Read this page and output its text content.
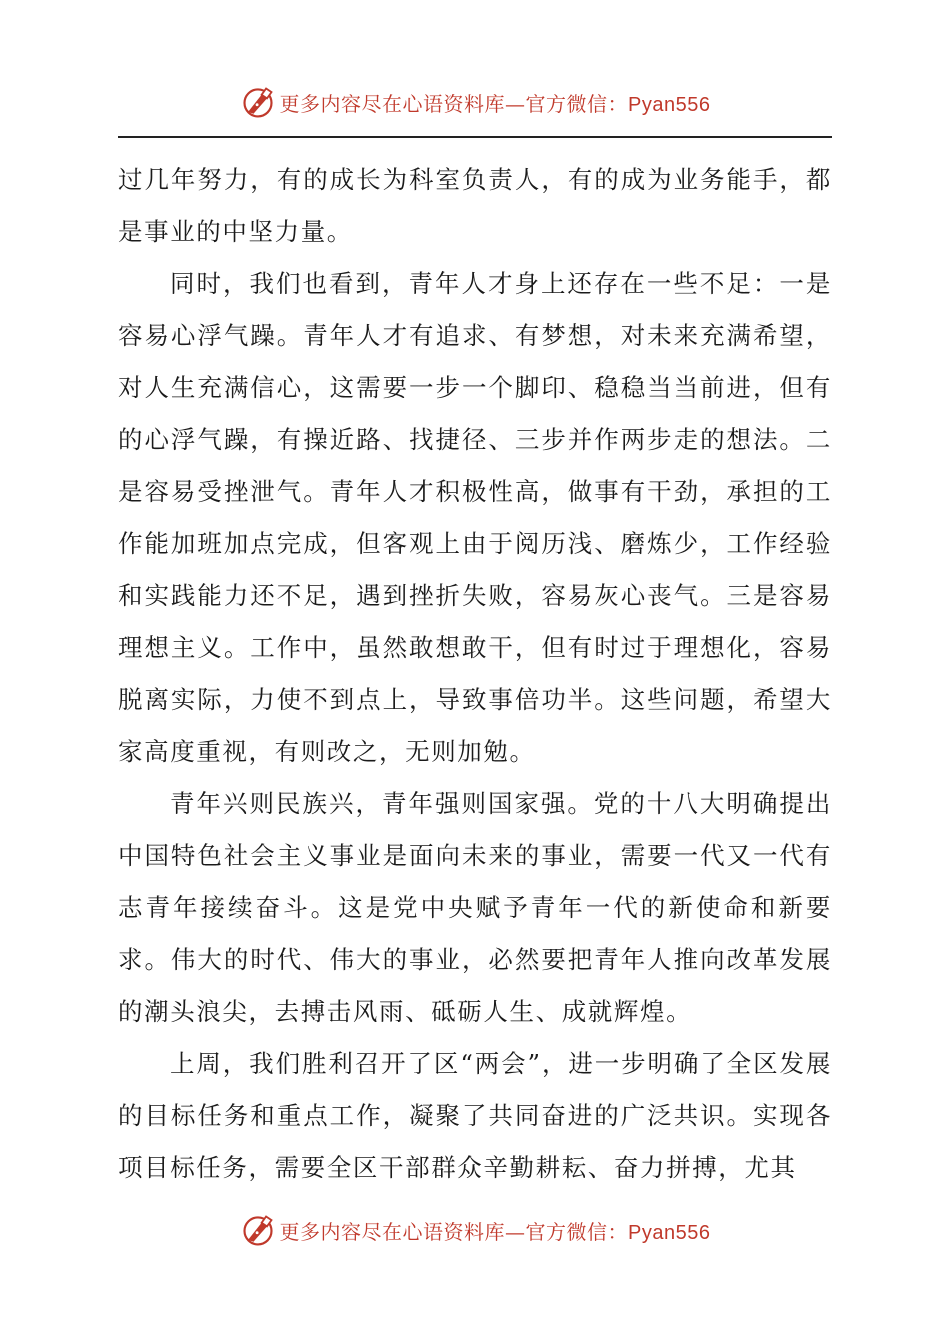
更多内容尽在心语资料库—官方微信：Pyan556

过几年努力，有的成长为科室负责人，有的成为业务能手，都是事业的中坚力量。

同时，我们也看到，青年人才身上还存在一些不足：一是容易心浮气躁。青年人才有追求、有梦想，对未来充满希望，对人生充满信心，这需要一步一个脚印、稳稳当当前进，但有的心浮气躁，有操近路、找捷径、三步并作两步走的想法。二是容易受挫泄气。青年人才积极性高，做事有干劲，承担的工作能加班加点完成，但客观上由于阅历浅、磨炼少，工作经验和实践能力还不足，遇到挫折失败，容易灰心丧气。三是容易理想主义。工作中，虽然敢想敢干，但有时过于理想化，容易脱离实际，力使不到点上，导致事倍功半。这些问题，希望大家高度重视，有则改之，无则加勉。

青年兴则民族兴，青年强则国家强。党的十八大明确提出中国特色社会主义事业是面向未来的事业，需要一代又一代有志青年接续奋斗。这是党中央赋予青年一代的新使命和新要求。伟大的时代、伟大的事业，必然要把青年人推向改革发展的潮头浪尖，去搏击风雨、砥砺人生、成就辉煌。

上周，我们胜利召开了区“两会”，进一步明确了全区发展的目标任务和重点工作，凝聚了共同奋进的广泛共识。实现各项目标任务，需要全区干部群众辛勤耕耘、奋力拼搏，尤其

更多内容尽在心语资料库—官方微信：Pyan556
